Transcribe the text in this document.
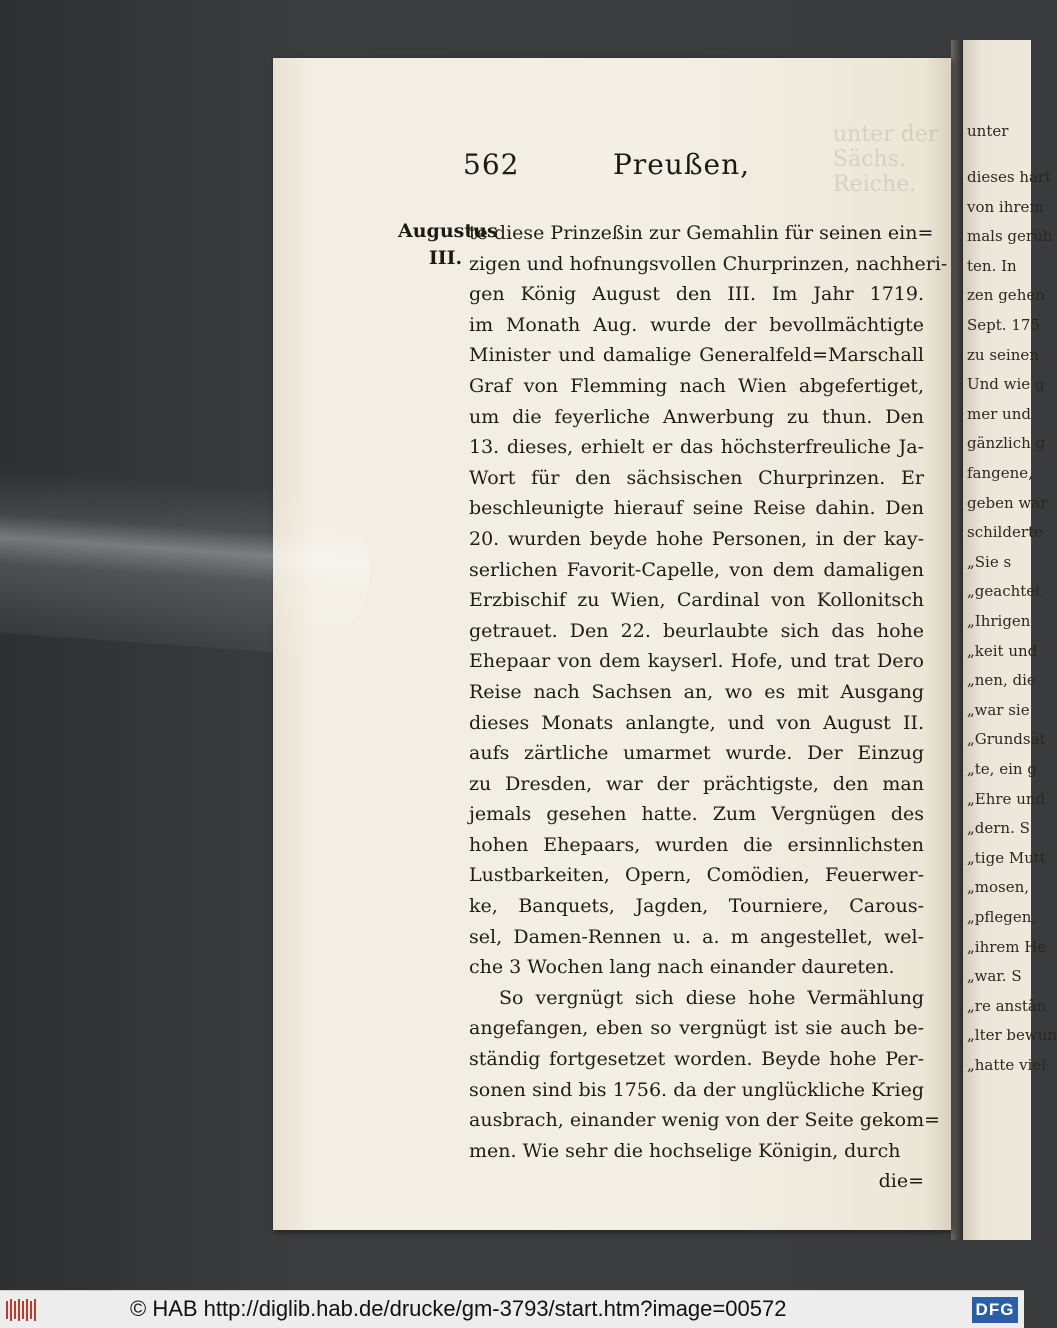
unter
dieses hart
von ihrem
mals gerüh
ten. In
zen gehen
Sept. 175
zu seinen
Und wie g
mer und
gänzlich g
fangene,
geben war
schilderte
„Sie s
„geachtet
„Ihrigen
„keit und
„nen, die
„war sie
„Grundsät
„te, ein g
„Ehre und
„dern. S
„tige Mutt
„mosen,
„pflegen,
„ihrem He
„war. S
„re anstän
„lter bewun
„hatte viel
unter der Sächs. Reiche.
562	Preußen,
Augustus
III.
te diese Prinzeßin zur Gemahlin für seinen ein=
zigen und hofnungsvollen Churprinzen, nachheri-
gen König August den III. Im Jahr 1719.
im Monath Aug. wurde der bevollmächtigte
Minister und damalige Generalfeld=Marschall
Graf von Flemming nach Wien abgefertiget,
um die feyerliche Anwerbung zu thun. Den
13. dieses, erhielt er das höchsterfreuliche Ja-
Wort für den sächsischen Churprinzen. Er
beschleunigte hierauf seine Reise dahin. Den
20. wurden beyde hohe Personen, in der kay-
serlichen Favorit-Capelle, von dem damaligen
Erzbischif zu Wien, Cardinal von Kollonitsch
getrauet. Den 22. beurlaubte sich das hohe
Ehepaar von dem kayserl. Hofe, und trat Dero
Reise nach Sachsen an, wo es mit Ausgang
dieses Monats anlangte, und von August II.
aufs zärtliche umarmet wurde. Der Einzug
zu Dresden, war der prächtigste, den man
jemals gesehen hatte. Zum Vergnügen des
hohen Ehepaars, wurden die ersinnlichsten
Lustbarkeiten, Opern, Comödien, Feuerwer-
ke, Banquets, Jagden, Tourniere, Carous-
sel, Damen-Rennen u. a. m angestellet, wel-
che 3 Wochen lang nach einander daureten.
So vergnügt sich diese hohe Vermählung
angefangen, eben so vergnügt ist sie auch be-
ständig fortgesetzet worden. Beyde hohe Per-
sonen sind bis 1756. da der unglückliche Krieg
ausbrach, einander wenig von der Seite gekom=
men. Wie sehr die hochselige Königin, durch
die=
© HAB http://diglib.hab.de/drucke/gm-3793/start.htm?image=00572	DFG
